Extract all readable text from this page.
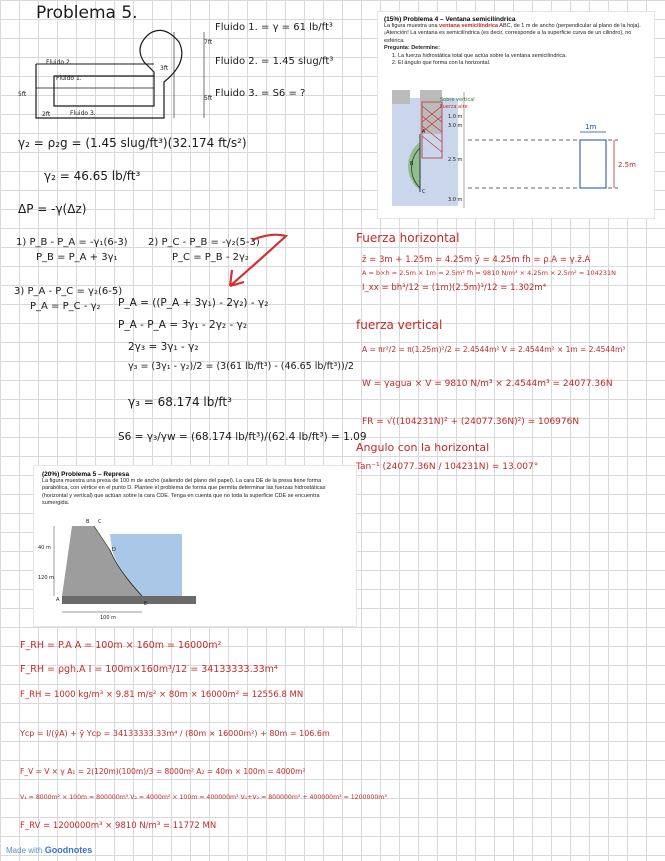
Problema 5.
Fluido 2.
Fluido 1.
Fluido 3.
7ft
5ft
5ft
2ft
3ft
Fluido 1. = γ = 61 lb/ft³
Fluido 2. = 1.45 slug/ft³
Fluido 3. = S6 = ?
γ₂ = ρ₂g = (1.45 slug/ft³)(32.174 ft/s²)
γ₂ = 46.65 lb/ft³
ΔP = -γ(Δz)
1) P_B - P_A = -γ₁(6-3)
P_B = P_A + 3γ₁
2) P_C - P_B = -γ₂(5-3)
P_C = P_B - 2γ₂
3) P_A - P_C = γ₂(6-5)
P_A = P_C - γ₂ P_A = ((P_A + 3γ₁) - 2γ₂) - γ₂
P_A - P_A = 3γ₁ - 2γ₂ - γ₂
2γ₃ = 3γ₁ - γ₂
γ₃ = (3γ₁ - γ₂)/2 = (3(61 lb/ft³) - (46.65 lb/ft³))/2
γ₃ = 68.174 lb/ft³
S6 = γ₃/γw = (68.174 lb/ft³)/(62.4 lb/ft³) = 1.09
(15%) Problema 4 – Ventana semicilíndrica

La figura muestra una ventana semicilíndrica ABC, de 1 m de ancho (perpendicular al plano de la hoja). ¡Atención! La ventana es semicilíndrica (es decir, corresponde a la superficie curva de un cilindro), no esférica.

Pregunta: Determine:

1. La fuerza hidrostática total que actúa sobre la ventana semicilíndrica.
2. El ángulo que forma con la horizontal.
Sobre vertical
Fuerza aire
1.0 m
3.0 m
2.5 m
3.0 m
A
B
C
1m
2.5m
Fuerza horizontal
z̄ = 3m + 1.25m = 4.25m ȳ = 4.25m fh = ρ.A = γ.z̄.A
A = b×h = 2.5m × 1m = 2.5m² fh = 9810 N/m³ × 4.25m × 2.5m² = 104231N
I_xx = bh³/12 = (1m)(2.5m)³/12 = 1.302m⁴
fuerza vertical
A = πr²/2 = π(1.25m)²/2 = 2.4544m² V = 2.4544m² × 1m = 2.4544m³
W = γagua × V = 9810 N/m³ × 2.4544m³ = 24077.36N
FR = √((104231N)² + (24077.36N)²) = 106976N
Angulo con la horizontal
Tan⁻¹ (24077.36N / 104231N) = 13.007°
(20%) Problema 5 – Represa

La figura muestra una presa de 100 m de ancho (saliendo del plano del papel). La cara DE de la presa tiene forma parabólica, con vértice en el punto D. Plantee el problema de forma que permita determinar las fuerzas hidrostáticas (horizontal y vertical) que actúan sobre la cara CDE. Tenga en cuenta que no toda la superficie CDE se encuentra sumergida.

B C
D
E
A
40 m
120 m
100 m
F_RH = P.A A = 100m × 160m = 16000m²
F_RH = ρgh.A I = 100m×160m³/12 = 34133333.33m⁴
F_RH = 1000 kg/m³ × 9.81 m/s² × 80m × 16000m² = 12556.8 MN
Ycp = I/(ȳA) + ȳ Ycp = 34133333.33m⁴ / (80m × 16000m²) + 80m = 106.6m
F_V = V × γ A₁ = 2(120m)(100m)/3 = 8000m² A₂ = 40m × 100m = 4000m²
V₁ = 8000m² × 100m = 800000m³ V₂ = 4000m² × 100m = 400000m³ V₁+V₂ = 800000m³ + 400000m³ = 1200000m³
F_RV = 1200000m³ × 9810 N/m³ = 11772 MN
Made with Goodnotes
